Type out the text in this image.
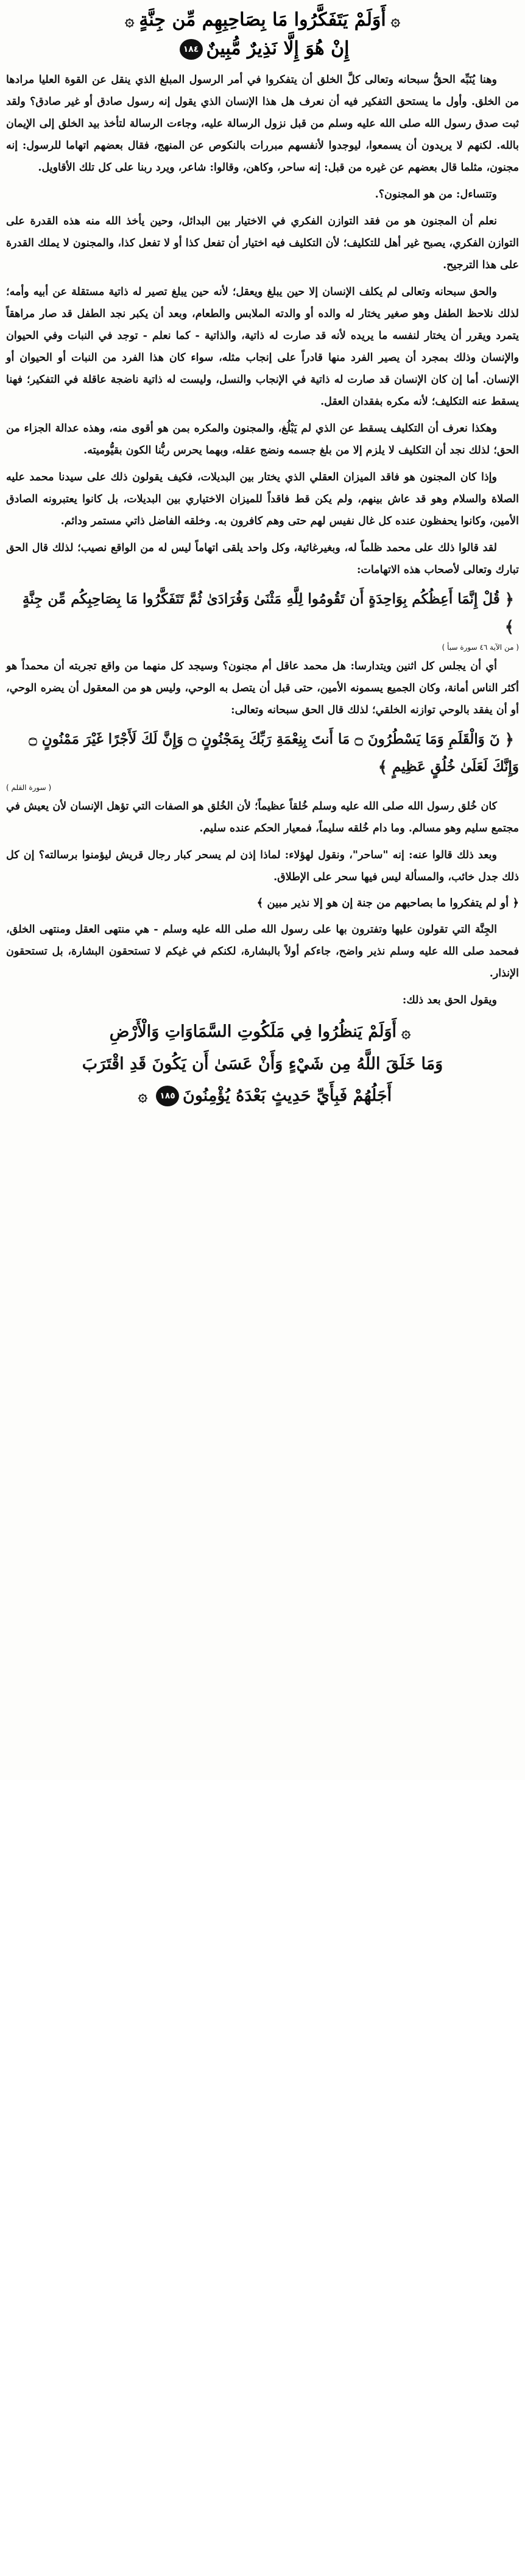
۞أَوَلَمْ يَتَفَكَّرُوا مَا بِصَاحِبِهِم مِّن جِنَّةٍ۞
إِنْ هُوَ إِلَّا نَذِيرٌ مُّبِينٌ١٨٤

وهنا يُنَبِّه الحقُّ سبحانه وتعالى كلَّ الخلق أن يتفكروا في أمر الرسول المبلغ الذي ينقل عن القوة العليا مرادها من الخلق. وأول ما يستحق التفكير فيه أن نعرف هل هذا الإنسان الذي يقول إنه رسول صادق أو غير صادق؟ ولقد ثبت صدق رسول الله صلى الله عليه وسلم من قبل نزول الرسالة عليه، وجاءت الرسالة لتأخذ بيد الخلق إلى الإيمان بالله. لكنهم لا يريدون أن يسمعوا، ليوجدوا لأنفسهم مبررات بالنكوص عن المنهج، فقال بعضهم اتهاما للرسول: إنه مجنون، مثلما قال بعضهم عن غيره من قبل: إنه ساحر، وكاهن، وقالوا: شاعر، ويرد ربنا على كل تلك الأقاويل.

وتتساءل: من هو المجنون؟.

نعلم أن المجنون هو من فقد التوازن الفكري في الاختيار بين البدائل، وحين يأخذ الله منه هذه القدرة على التوازن الفكري، يصبح غير أهل للتكليف؛ لأن التكليف فيه اختيار أن تفعل كذا أو لا تفعل كذا، والمجنون لا يملك القدرة على هذا الترجيح.

والحق سبحانه وتعالى لم يكلف الإنسان إلا حين يبلغ ويعقل؛ لأنه حين يبلغ تصير له ذاتية مستقلة عن أبيه وأمه؛ لذلك نلاحظ الطفل وهو صغير يختار له والده أو والدته الملابس والطعام، وبعد أن يكبر نجد الطفل قد صار مراهقاً يتمرد ويقرر أن يختار لنفسه ما يريده لأنه قد صارت له ذاتية، والذاتية - كما نعلم - توجد في النبات وفي الحيوان والإنسان وذلك بمجرد أن يصير الفرد منها قادراً على إنجاب مثله، سواء كان هذا الفرد من النبات أو الحيوان أو الإنسان. أما إن كان الإنسان قد صارت له ذاتية في الإنجاب والنسل، وليست له ذاتية ناضجة عاقلة في التفكير؛ فهنا يسقط عنه التكليف؛ لأنه مكره بفقدان العقل.

وهكذا نعرف أن التكليف يسقط عن الذي لم يَبْلُغ، والمجنون والمكره بمن هو أقوى منه، وهذه عدالة الجزاء من الحق؛ لذلك نجد أن التكليف لا يلزم إلا من بلغ جسمه ونضج عقله، وبهما يحرس ربُّنا الكون بقيُّوميته.

وإذا كان المجنون هو فاقد الميزان العقلي الذي يختار بين البديلات، فكيف يقولون ذلك على سيدنا محمد عليه الصلاة والسلام وهو قد عاش بينهم، ولم يكن قط فاقداً للميزان الاختياري بين البديلات، بل كانوا يعتبرونه الصادق الأمين، وكانوا يحفظون عنده كل غال نفيس لهم حتى وهم كافرون به. وخلقه الفاضل ذاتي مستمر ودائم.

لقد قالوا ذلك على محمد ظلماً له، وبغيرغائية، وكل واحد يلقى اتهاماً ليس له من الواقع نصيب؛ لذلك قال الحق تبارك وتعالى لأصحاب هذه الاتهامات:

﴿قُلْ إِنَّمَا أَعِظُكُم بِوَاحِدَةٍ أَن تَقُومُوا لِلَّهِ مَثْنَىٰ وَفُرَادَىٰ ثُمَّ تَتَفَكَّرُوا مَا بِصَاحِبِكُم مِّن جِنَّةٍ﴾
( من الآية ٤٦ سورة سبأ )

أي أن يجلس كل اثنين ويتدارسا: هل محمد عاقل أم مجنون؟ وسيجد كل منهما من واقع تجربته أن محمداً هو أكثر الناس أمانة، وكان الجميع يسمونه الأمين، حتى قبل أن يتصل به الوحي، وليس هو من المعقول أن يضره الوحي، أو أن يفقد بالوحي توازنه الخلقي؛ لذلك قال الحق سبحانه وتعالى:

﴿نٓ وَالْقَلَمِ وَمَا يَسْطُرُونَ ۝ مَا أَنتَ بِنِعْمَةِ رَبِّكَ بِمَجْنُونٍ ۝ وَإِنَّ لَكَ لَأَجْرًا غَيْرَ مَمْنُونٍ ۝ وَإِنَّكَ لَعَلَىٰ خُلُقٍ عَظِيمٍ﴾
( سورة القلم )

كان خُلق رسول الله صلى الله عليه وسلم خُلقاً عظيماً؛ لأن الخُلق هو الصفات التي تؤهل الإنسان لأن يعيش في مجتمع سليم وهو مسالم. وما دام خُلقه سليماً، فمعيار الحكم عنده سليم.

وبعد ذلك قالوا عنه: إنه "ساحر"، ونقول لهؤلاء: لماذا إذن لم يسحر كبار رجال قريش ليؤمنوا برسالته؟ إن كل ذلك جدل خائب، والمسألة ليس فيها سحر على الإطلاق.

﴿ أو لم يتفكروا ما بصاحبهم من جنة إن هو إلا نذير مبين ﴾

الجِنَّة التي تقولون عليها وتفترون بها على رسول الله صلى الله عليه وسلم - هي منتهى العقل ومنتهى الخلق، فمحمد صلى الله عليه وسلم نذير واضح، جاءكم أولاً بالبشارة، لكنكم في غيكم لا تستحقون البشارة، بل تستحقون الإنذار.

ويقول الحق بعد ذلك:

۞أَوَلَمْ يَنظُرُوا فِي مَلَكُوتِ السَّمَاوَاتِ وَالْأَرْضِ
وَمَا خَلَقَ اللَّهُ مِن شَيْءٍ وَأَنْ عَسَىٰ أَن يَكُونَ قَدِ اقْتَرَبَ
أَجَلُهُمْ فَبِأَيِّ حَدِيثٍ بَعْدَهُ يُؤْمِنُونَ١٨٥۞
